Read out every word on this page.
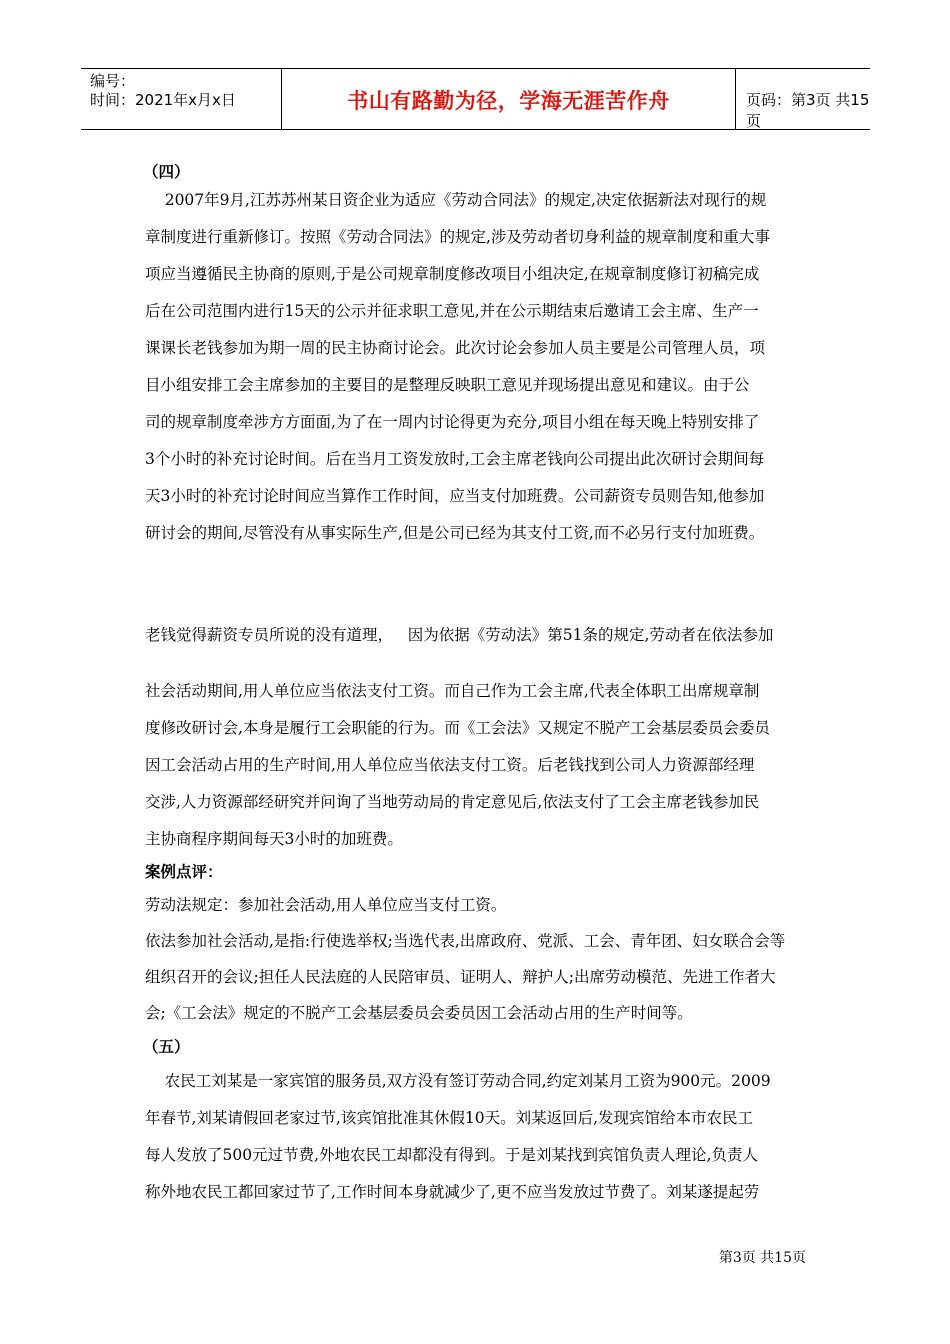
编号：
时间：2021年x月x日	书山有路勤为径，学海无涯苦作舟	页码：第3页 共15页
（四）
2007年9月,江苏苏州某日资企业为适应《劳动合同法》的规定,决定依据新法对现行的规
章制度进行重新修订。按照《劳动合同法》的规定,涉及劳动者切身利益的规章制度和重大事
项应当遵循民主协商的原则,于是公司规章制度修改项目小组决定,在规章制度修订初稿完成
后在公司范围内进行15天的公示并征求职工意见,并在公示期结束后邀请工会主席、生产一
课课长老钱参加为期一周的民主协商讨论会。此次讨论会参加人员主要是公司管理人员，项
目小组安排工会主席参加的主要目的是整理反映职工意见并现场提出意见和建议。由于公
司的规章制度牵涉方方面面,为了在一周内讨论得更为充分,项目小组在每天晚上特别安排了
3个小时的补充讨论时间。后在当月工资发放时,工会主席老钱向公司提出此次研讨会期间每
天3小时的补充讨论时间应当算作工作时间，应当支付加班费。公司薪资专员则告知,他参加
研讨会的期间,尽管没有从事实际生产,但是公司已经为其支付工资,而不必另行支付加班费。
老钱觉得薪资专员所说的没有道理，   因为依据《劳动法》第51条的规定,劳动者在依法参加
社会活动期间,用人单位应当依法支付工资。而自己作为工会主席,代表全体职工出席规章制
度修改研讨会,本身是履行工会职能的行为。而《工会法》又规定不脱产工会基层委员会委员
因工会活动占用的生产时间,用人单位应当依法支付工资。后老钱找到公司人力资源部经理
交涉,人力资源部经研究并问询了当地劳动局的肯定意见后,依法支付了工会主席老钱参加民
主协商程序期间每天3小时的加班费。
案例点评：
劳动法规定：参加社会活动,用人单位应当支付工资。
依法参加社会活动,是指:行使选举权;当选代表,出席政府、党派、工会、青年团、妇女联合会等
组织召开的会议;担任人民法庭的人民陪审员、证明人、辩护人;出席劳动模范、先进工作者大
会;《工会法》规定的不脱产工会基层委员会委员因工会活动占用的生产时间等。
（五）
农民工刘某是一家宾馆的服务员,双方没有签订劳动合同,约定刘某月工资为900元。2009
年春节,刘某请假回老家过节,该宾馆批准其休假10天。刘某返回后,发现宾馆给本市农民工
每人发放了500元过节费,外地农民工却都没有得到。于是刘某找到宾馆负责人理论,负责人
称外地农民工都回家过节了,工作时间本身就减少了,更不应当发放过节费了。刘某遂提起劳
第3页 共15页
